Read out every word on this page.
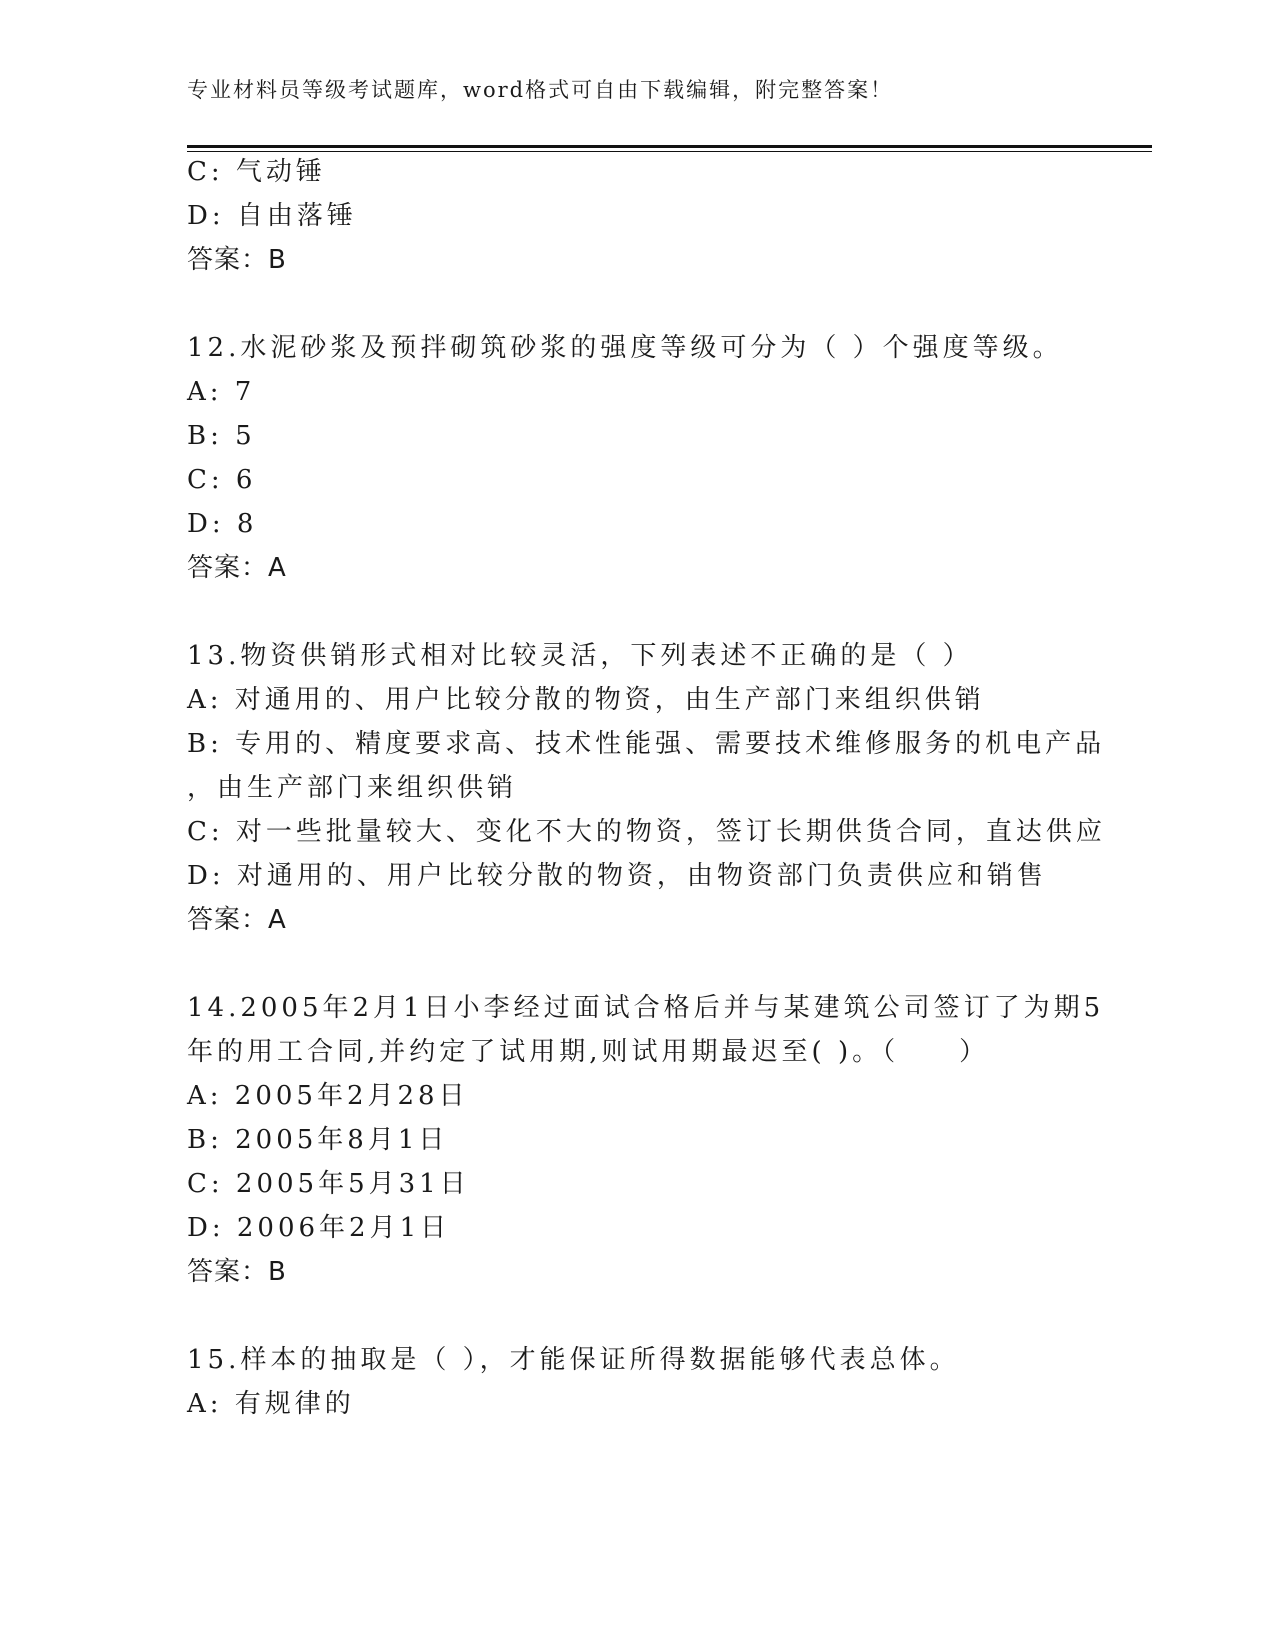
专业材料员等级考试题库，word格式可自由下载编辑，附完整答案！
C: 气动锤
D: 自由落锤
答案：B
12.水泥砂浆及预拌砌筑砂浆的强度等级可分为（ ）个强度等级。
A: 7
B: 5
C: 6
D: 8
答案：A
13.物资供销形式相对比较灵活，下列表述不正确的是（ ）
A: 对通用的、用户比较分散的物资，由生产部门来组织供销
B: 专用的、精度要求高、技术性能强、需要技术维修服务的机电产品
，由生产部门来组织供销
C: 对一些批量较大、变化不大的物资，签订长期供货合同，直达供应
D: 对通用的、用户比较分散的物资，由物资部门负责供应和销售
答案：A
14.2005年2月1日小李经过面试合格后并与某建筑公司签订了为期5
年的用工合同,并约定了试用期,则试用期最迟至( )。（　　）
A: 2005年2月28日
B: 2005年8月1日
C: 2005年5月31日
D: 2006年2月1日
答案：B
15.样本的抽取是（ ），才能保证所得数据能够代表总体。
A: 有规律的
